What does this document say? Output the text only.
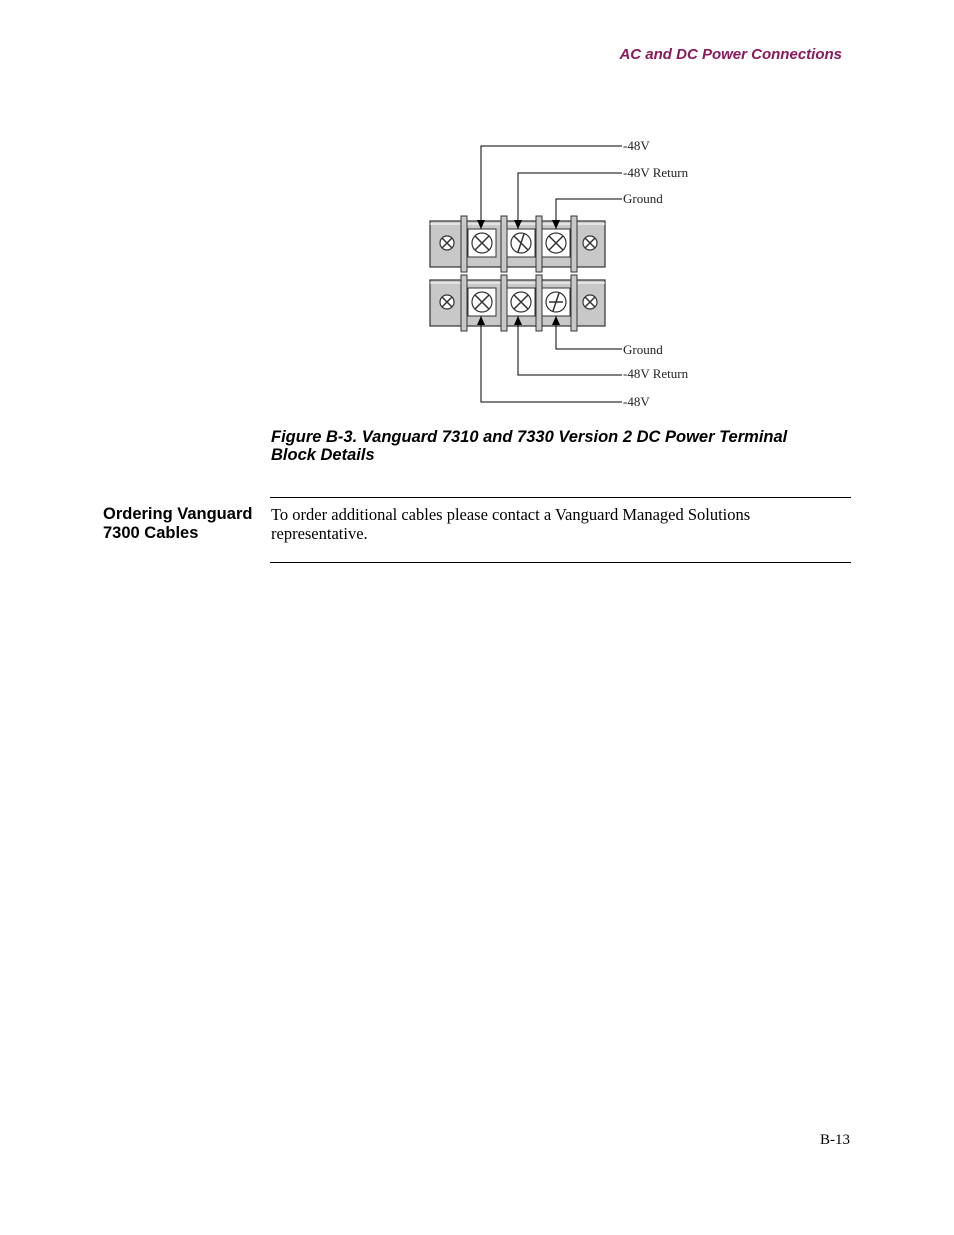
AC and DC Power Connections
-48V
-48V Return
Ground
Ground
-48V Return
-48V
Figure B-3. Vanguard 7310 and 7330 Version 2 DC Power Terminal
Block Details
Ordering Vanguard
7300 Cables
To order additional cables please contact a Vanguard Managed Solutions
representative.
B-13
